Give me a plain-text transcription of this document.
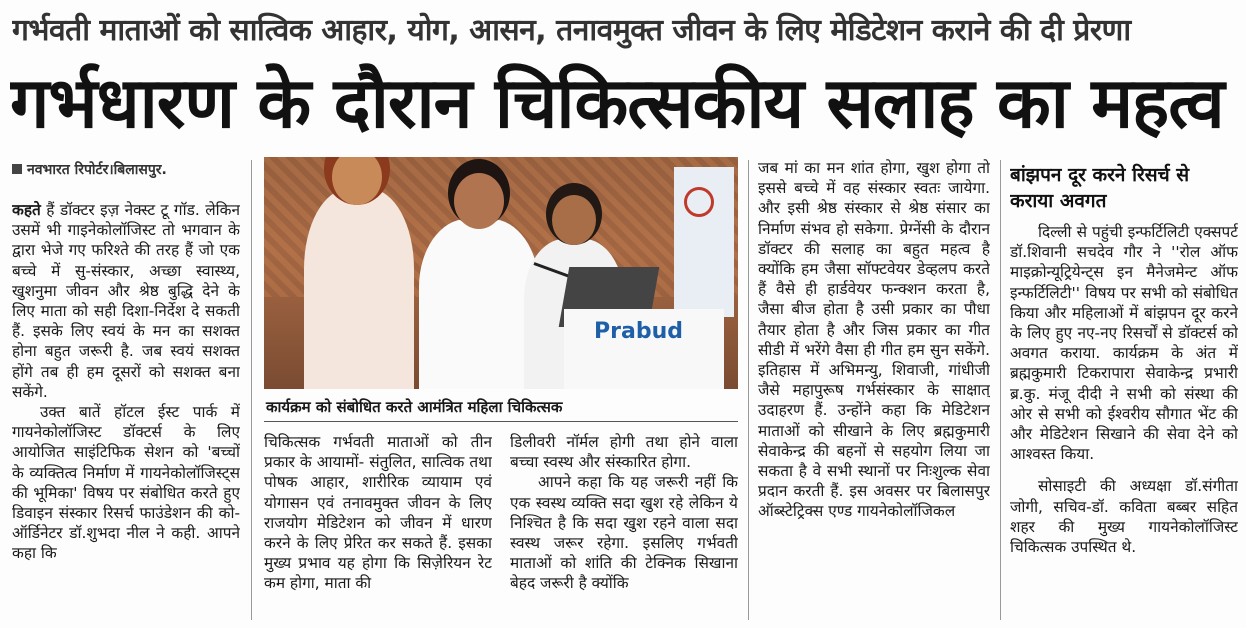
गर्भवती माताओं को सात्विक आहार, योग, आसन, तनावमुक्त जीवन के लिए मेडिटेशन कराने की दी प्रेरणा
गर्भधारण के दौरान चिकित्सकीय सलाह का महत्व
नवभारत रिपोर्टर।बिलासपुर.

कहते हैं डॉक्टर इज़ नेक्स्ट टू गॉड. लेकिन उसमें भी गाइनेकोलॉजिस्ट तो भगवान के द्वारा भेजे गए फरिश्ते की तरह हैं जो एक बच्चे में सु-संस्कार, अच्छा स्वास्थ्य, खुशनुमा जीवन और श्रेष्ठ बुद्धि देने के लिए माता को सही दिशा-निर्देश दे सकती हैं. इसके लिए स्वयं के मन का सशक्त होना बहुत जरूरी है. जब स्वयं सशक्त होंगे तब ही हम दूसरों को सशक्त बना सकेंगे.

उक्त बातें हॉटल ईस्ट पार्क में गायनेकोलॉजिस्ट डॉक्टर्स के लिए आयोजित साइंटिफिक सेशन को 'बच्चों के व्यक्तित्व निर्माण में गायनेकोलॉजिस्ट्स की भूमिका' विषय पर संबोधित करते हुए डिवाइन संस्कार रिसर्च फाउंडेशन की को-ऑर्डिनेटर डॉ.शुभदा नील ने कही. आपने कहा कि

Prabud
कार्यक्रम को संबोधित करते आमंत्रित महिला चिकित्सक

चिकित्सक गर्भवती माताओं को तीन प्रकार के आयामों- संतुलित, सात्विक तथा पोषक आहार, शारीरिक व्यायाम एवं योगासन एवं तनावमुक्त जीवन के लिए राजयोग मेडिटेशन को जीवन में धारण करने के लिए प्रेरित कर सकते हैं. इसका मुख्य प्रभाव यह होगा कि सिज़ेरियन रेट कम होगा, माता की

डिलीवरी नॉर्मल होगी तथा होने वाला बच्चा स्वस्थ और संस्कारित होगा.

आपने कहा कि यह जरूरी नहीं कि एक स्वस्थ व्यक्ति सदा खुश रहे लेकिन ये निश्चित है कि सदा खुश रहने वाला सदा स्वस्थ जरूर रहेगा. इसलिए गर्भवती माताओं को शांति की टेक्निक सिखाना बेहद जरूरी है क्योंकि

जब मां का मन शांत होगा, खुश होगा तो इससे बच्चे में वह संस्कार स्वतः जायेगा. और इसी श्रेष्ठ संस्कार से श्रेष्ठ संसार का निर्माण संभव हो सकेगा. प्रेग्नेंसी के दौरान डॉक्टर की सलाह का बहुत महत्व है क्योंकि हम जैसा सॉफ्टवेयर डेव्हलप करते हैं वैसे ही हार्डवेयर फन्क्शन करता है, जैसा बीज होता है उसी प्रकार का पौधा तैयार होता है और जिस प्रकार का गीत सीडी में भरेंगे वैसा ही गीत हम सुन सकेंगे. इतिहास में अभिमन्यु, शिवाजी, गांधीजी जैसे महापुरूष गर्भसंस्कार के साक्षात् उदाहरण हैं. उन्होंने कहा कि मेडिटेशन माताओं को सीखाने के लिए ब्रह्मकुमारी सेवाकेन्द्र की बहनों से सहयोग लिया जा सकता है वे सभी स्थानों पर निःशुल्क सेवा प्रदान करती हैं. इस अवसर पर बिलासपुर ऑब्स्टेट्रिक्स एण्ड गायनेकोलॉजिकल

बांझपन दूर करने रिसर्च से कराया अवगत

दिल्ली से पहुंची इन्फर्टिलिटी एक्सपर्ट डॉ.शिवानी सचदेव गौर ने ''रोल ऑफ माइक्रोन्यूट्रियेन्ट्स इन मैनेजमेन्ट ऑफ इन्फर्टिलिटी'' विषय पर सभी को संबोधित किया और महिलाओं में बांझपन दूर करने के लिए हुए नए-नए रिसर्चों से डॉक्टर्स को अवगत कराया. कार्यक्रम के अंत में ब्रह्मकुमारी टिकरापारा सेवाकेन्द्र प्रभारी ब्र.कु. मंजू दीदी ने सभी को संस्था की ओर से सभी को ईश्वरीय सौगात भेंट की और मेडिटेशन सिखाने की सेवा देने को आश्वस्त किया.

सोसाइटी की अध्यक्षा डॉ.संगीता जोगी, सचिव-डॉ. कविता बब्बर सहित शहर की मुख्य गायनेकोलॉजिस्ट चिकित्सक उपस्थित थे.
